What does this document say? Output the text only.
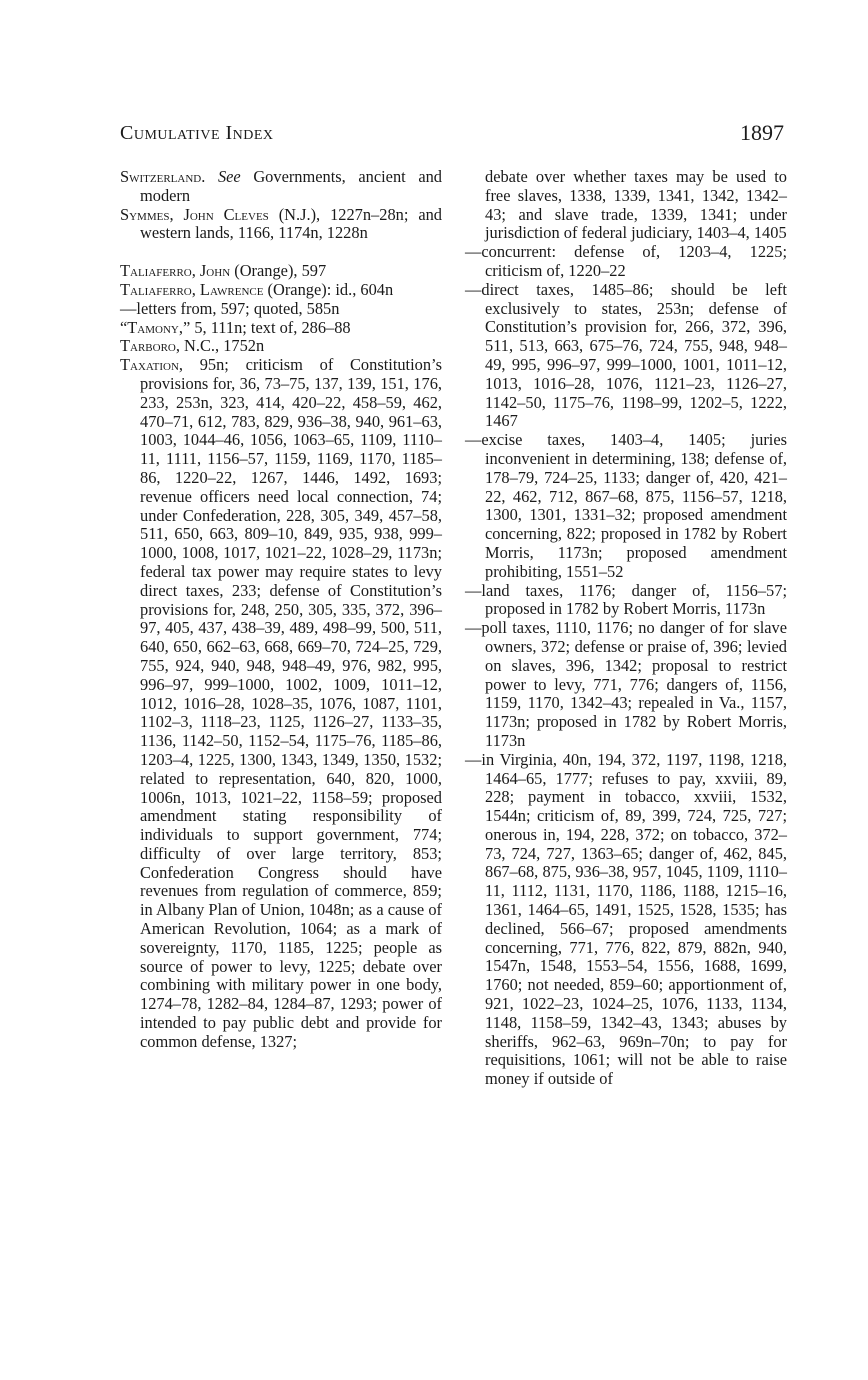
Cumulative Index	1897

Switzerland. See Governments, ancient and modern

Symmes, John Cleves (N.J.), 1227n–28n; and western lands, 1166, 1174n, 1228n

Taliaferro, John (Orange), 597

Taliaferro, Lawrence (Orange): id., 604n

—letters from, 597; quoted, 585n

“Tamony,” 5, 111n; text of, 286–88

Tarboro, N.C., 1752n

Taxation, 95n; criticism of Constitution’s provisions for, 36, 73–75, 137, 139, 151, 176, 233, 253n, 323, 414, 420–22, 458–59, 462, 470–71, 612, 783, 829, 936–38, 940, 961–63, 1003, 1044–46, 1056, 1063–65, 1109, 1110–11, 1111, 1156–57, 1159, 1169, 1170, 1185–86, 1220–22, 1267, 1446, 1492, 1693; revenue officers need local connection, 74; under Confederation, 228, 305, 349, 457–58, 511, 650, 663, 809–10, 849, 935, 938, 999–1000, 1008, 1017, 1021–22, 1028–29, 1173n; federal tax power may require states to levy direct taxes, 233; defense of Constitution’s provisions for, 248, 250, 305, 335, 372, 396–97, 405, 437, 438–39, 489, 498–99, 500, 511, 640, 650, 662–63, 668, 669–70, 724–25, 729, 755, 924, 940, 948, 948–49, 976, 982, 995, 996–97, 999–1000, 1002, 1009, 1011–12, 1012, 1016–28, 1028–35, 1076, 1087, 1101, 1102–3, 1118–23, 1125, 1126–27, 1133–35, 1136, 1142–50, 1152–54, 1175–76, 1185–86, 1203–4, 1225, 1300, 1343, 1349, 1350, 1532; related to representation, 640, 820, 1000, 1006n, 1013, 1021–22, 1158–59; proposed amendment stating responsibility of individuals to support government, 774; difficulty of over large territory, 853; Confederation Congress should have revenues from regulation of commerce, 859; in Albany Plan of Union, 1048n; as a cause of American Revolution, 1064; as a mark of sovereignty, 1170, 1185, 1225; people as source of power to levy, 1225; debate over combining with military power in one body, 1274–78, 1282–84, 1284–87, 1293; power of intended to pay public debt and provide for common defense, 1327;

debate over whether taxes may be used to free slaves, 1338, 1339, 1341, 1342, 1342–43; and slave trade, 1339, 1341; under jurisdiction of federal judiciary, 1403–4, 1405

—concurrent: defense of, 1203–4, 1225; criticism of, 1220–22

—direct taxes, 1485–86; should be left exclusively to states, 253n; defense of Constitution’s provision for, 266, 372, 396, 511, 513, 663, 675–76, 724, 755, 948, 948–49, 995, 996–97, 999–1000, 1001, 1011–12, 1013, 1016–28, 1076, 1121–23, 1126–27, 1142–50, 1175–76, 1198–99, 1202–5, 1222, 1467

—excise taxes, 1403–4, 1405; juries inconvenient in determining, 138; defense of, 178–79, 724–25, 1133; danger of, 420, 421–22, 462, 712, 867–68, 875, 1156–57, 1218, 1300, 1301, 1331–32; proposed amendment concerning, 822; proposed in 1782 by Robert Morris, 1173n; proposed amendment prohibiting, 1551–52

—land taxes, 1176; danger of, 1156–57; proposed in 1782 by Robert Morris, 1173n

—poll taxes, 1110, 1176; no danger of for slave owners, 372; defense or praise of, 396; levied on slaves, 396, 1342; proposal to restrict power to levy, 771, 776; dangers of, 1156, 1159, 1170, 1342–43; repealed in Va., 1157, 1173n; proposed in 1782 by Robert Morris, 1173n

—in Virginia, 40n, 194, 372, 1197, 1198, 1218, 1464–65, 1777; refuses to pay, xxviii, 89, 228; payment in tobacco, xxviii, 1532, 1544n; criticism of, 89, 399, 724, 725, 727; onerous in, 194, 228, 372; on tobacco, 372–73, 724, 727, 1363–65; danger of, 462, 845, 867–68, 875, 936–38, 957, 1045, 1109, 1110–11, 1112, 1131, 1170, 1186, 1188, 1215–16, 1361, 1464–65, 1491, 1525, 1528, 1535; has declined, 566–67; proposed amendments concerning, 771, 776, 822, 879, 882n, 940, 1547n, 1548, 1553–54, 1556, 1688, 1699, 1760; not needed, 859–60; apportionment of, 921, 1022–23, 1024–25, 1076, 1133, 1134, 1148, 1158–59, 1342–43, 1343; abuses by sheriffs, 962–63, 969n–70n; to pay for requisitions, 1061; will not be able to raise money if outside of
